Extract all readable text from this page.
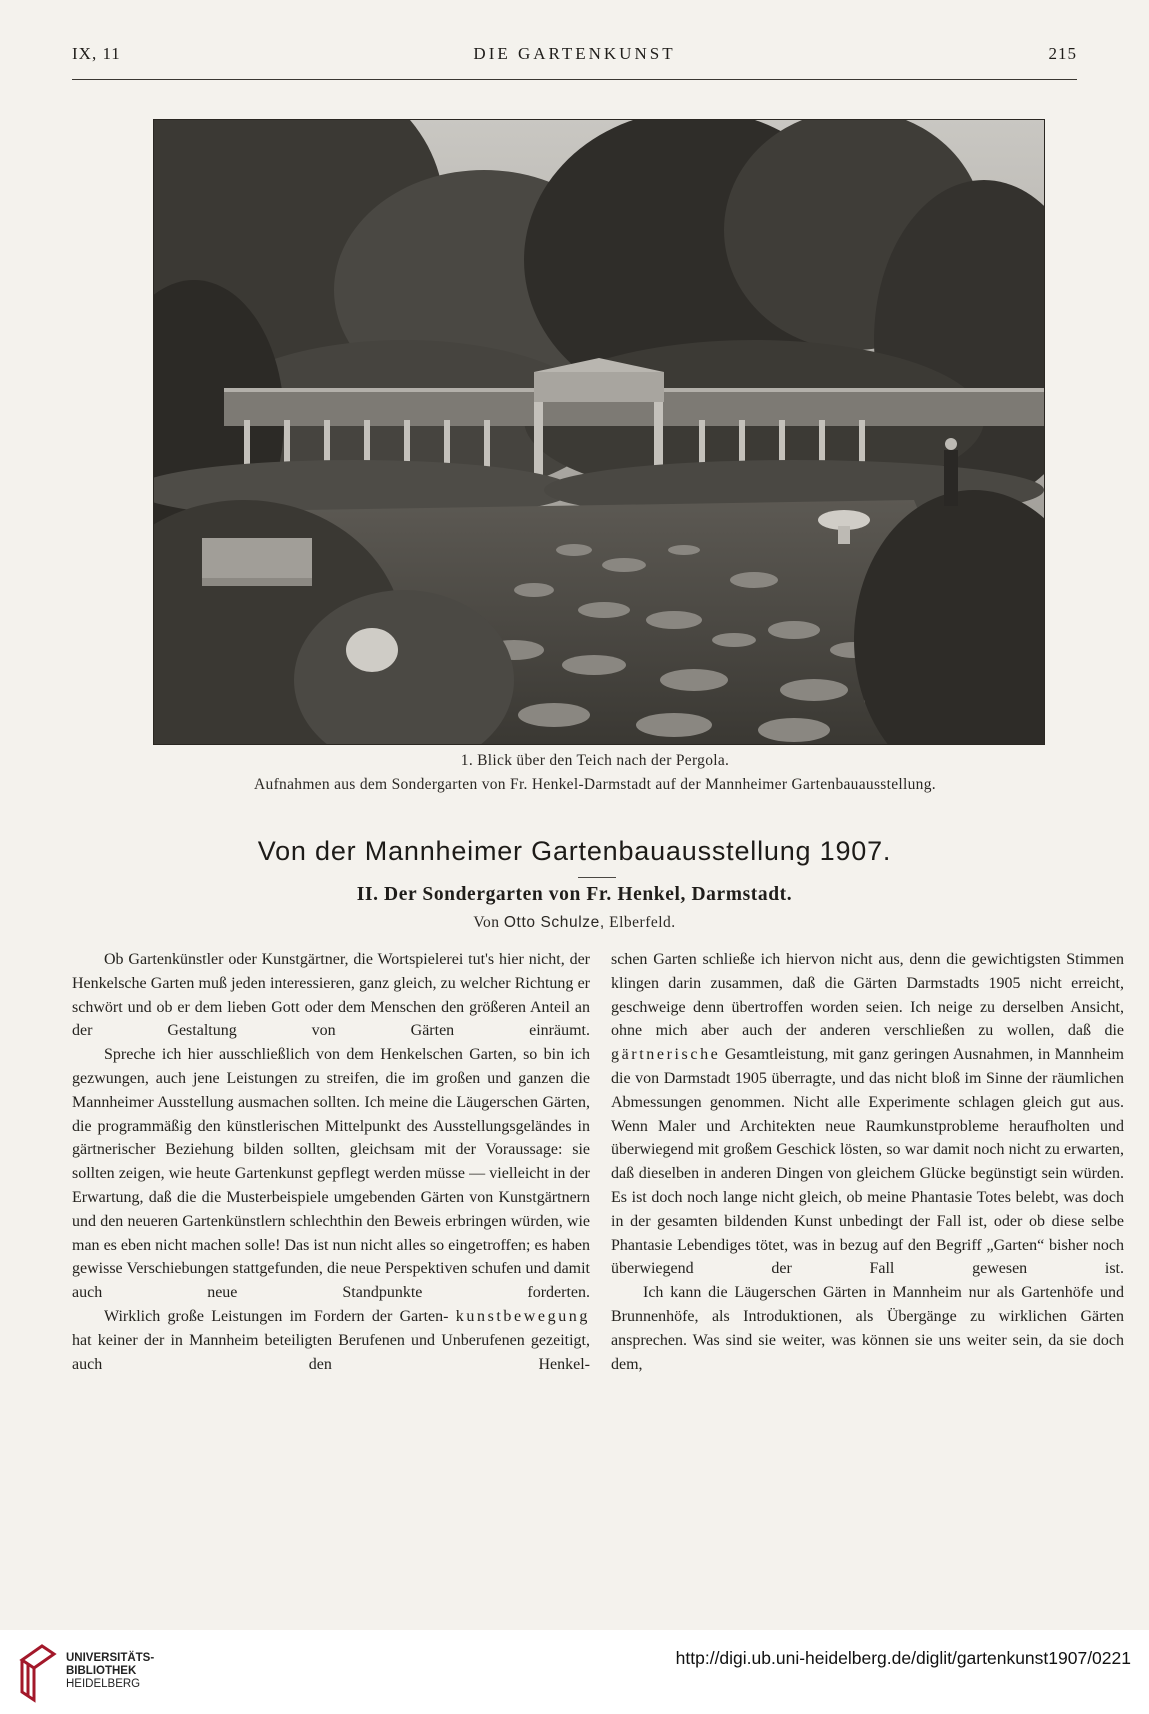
IX, 11	DIE GARTENKUNST	215
1. Blick über den Teich nach der Pergola.
Aufnahmen aus dem Sondergarten von Fr. Henkel-Darmstadt auf der Mannheimer Gartenbauausstellung.
Von der Mannheimer Gartenbauausstellung 1907.
II. Der Sondergarten von Fr. Henkel, Darmstadt.
Von Otto Schulze, Elberfeld.

Ob Gartenkünstler oder Kunstgärtner, die Wortspielerei tut's hier nicht, der Henkelsche Garten muß jeden interessieren, ganz gleich, zu welcher Richtung er schwört und ob er dem lieben Gott oder dem Menschen den größeren Anteil an der Gestaltung von Gärten einräumt.

Spreche ich hier ausschließlich von dem Henkelschen Garten, so bin ich gezwungen, auch jene Leistungen zu streifen, die im großen und ganzen die Mannheimer Ausstellung ausmachen sollten. Ich meine die Läugerschen Gärten, die programmäßig den künstlerischen Mittelpunkt des Ausstellungsgeländes in gärtnerischer Beziehung bilden sollten, gleichsam mit der Voraussage: sie sollten zeigen, wie heute Gartenkunst gepflegt werden müsse — vielleicht in der Erwartung, daß die die Musterbeispiele umgebenden Gärten von Kunstgärtnern und den neueren Gartenkünstlern schlechthin den Beweis erbringen würden, wie man es eben nicht machen solle! Das ist nun nicht alles so eingetroffen; es haben gewisse Verschiebungen stattgefunden, die neue Perspektiven schufen und damit auch neue Standpunkte forderten.

Wirklich große Leistungen im Fordern der Garten- kunstbewegung hat keiner der in Mannheim beteiligten Berufenen und Unberufenen gezeitigt, auch den Henkel-

schen Garten schließe ich hiervon nicht aus, denn die gewichtigsten Stimmen klingen darin zusammen, daß die Gärten Darmstadts 1905 nicht erreicht, geschweige denn übertroffen worden seien. Ich neige zu derselben Ansicht, ohne mich aber auch der anderen verschließen zu wollen, daß die gärtnerische Gesamtleistung, mit ganz geringen Ausnahmen, in Mannheim die von Darmstadt 1905 überragte, und das nicht bloß im Sinne der räumlichen Abmessungen genommen. Nicht alle Experimente schlagen gleich gut aus. Wenn Maler und Architekten neue Raumkunstprobleme heraufholten und überwiegend mit großem Geschick lösten, so war damit noch nicht zu erwarten, daß dieselben in anderen Dingen von gleichem Glücke begünstigt sein würden. Es ist doch noch lange nicht gleich, ob meine Phantasie Totes belebt, was doch in der gesamten bildenden Kunst unbedingt der Fall ist, oder ob diese selbe Phantasie Lebendiges tötet, was in bezug auf den Begriff „Garten“ bisher noch überwiegend der Fall gewesen ist.

Ich kann die Läugerschen Gärten in Mannheim nur als Gartenhöfe und Brunnenhöfe, als Introduktionen, als Übergänge zu wirklichen Gärten ansprechen. Was sind sie weiter, was können sie uns weiter sein, da sie doch dem,

UNIVERSITÄTS-
BIBLIOTHEK
HEIDELBERG
http://digi.ub.uni-heidelberg.de/diglit/gartenkunst1907/0221
